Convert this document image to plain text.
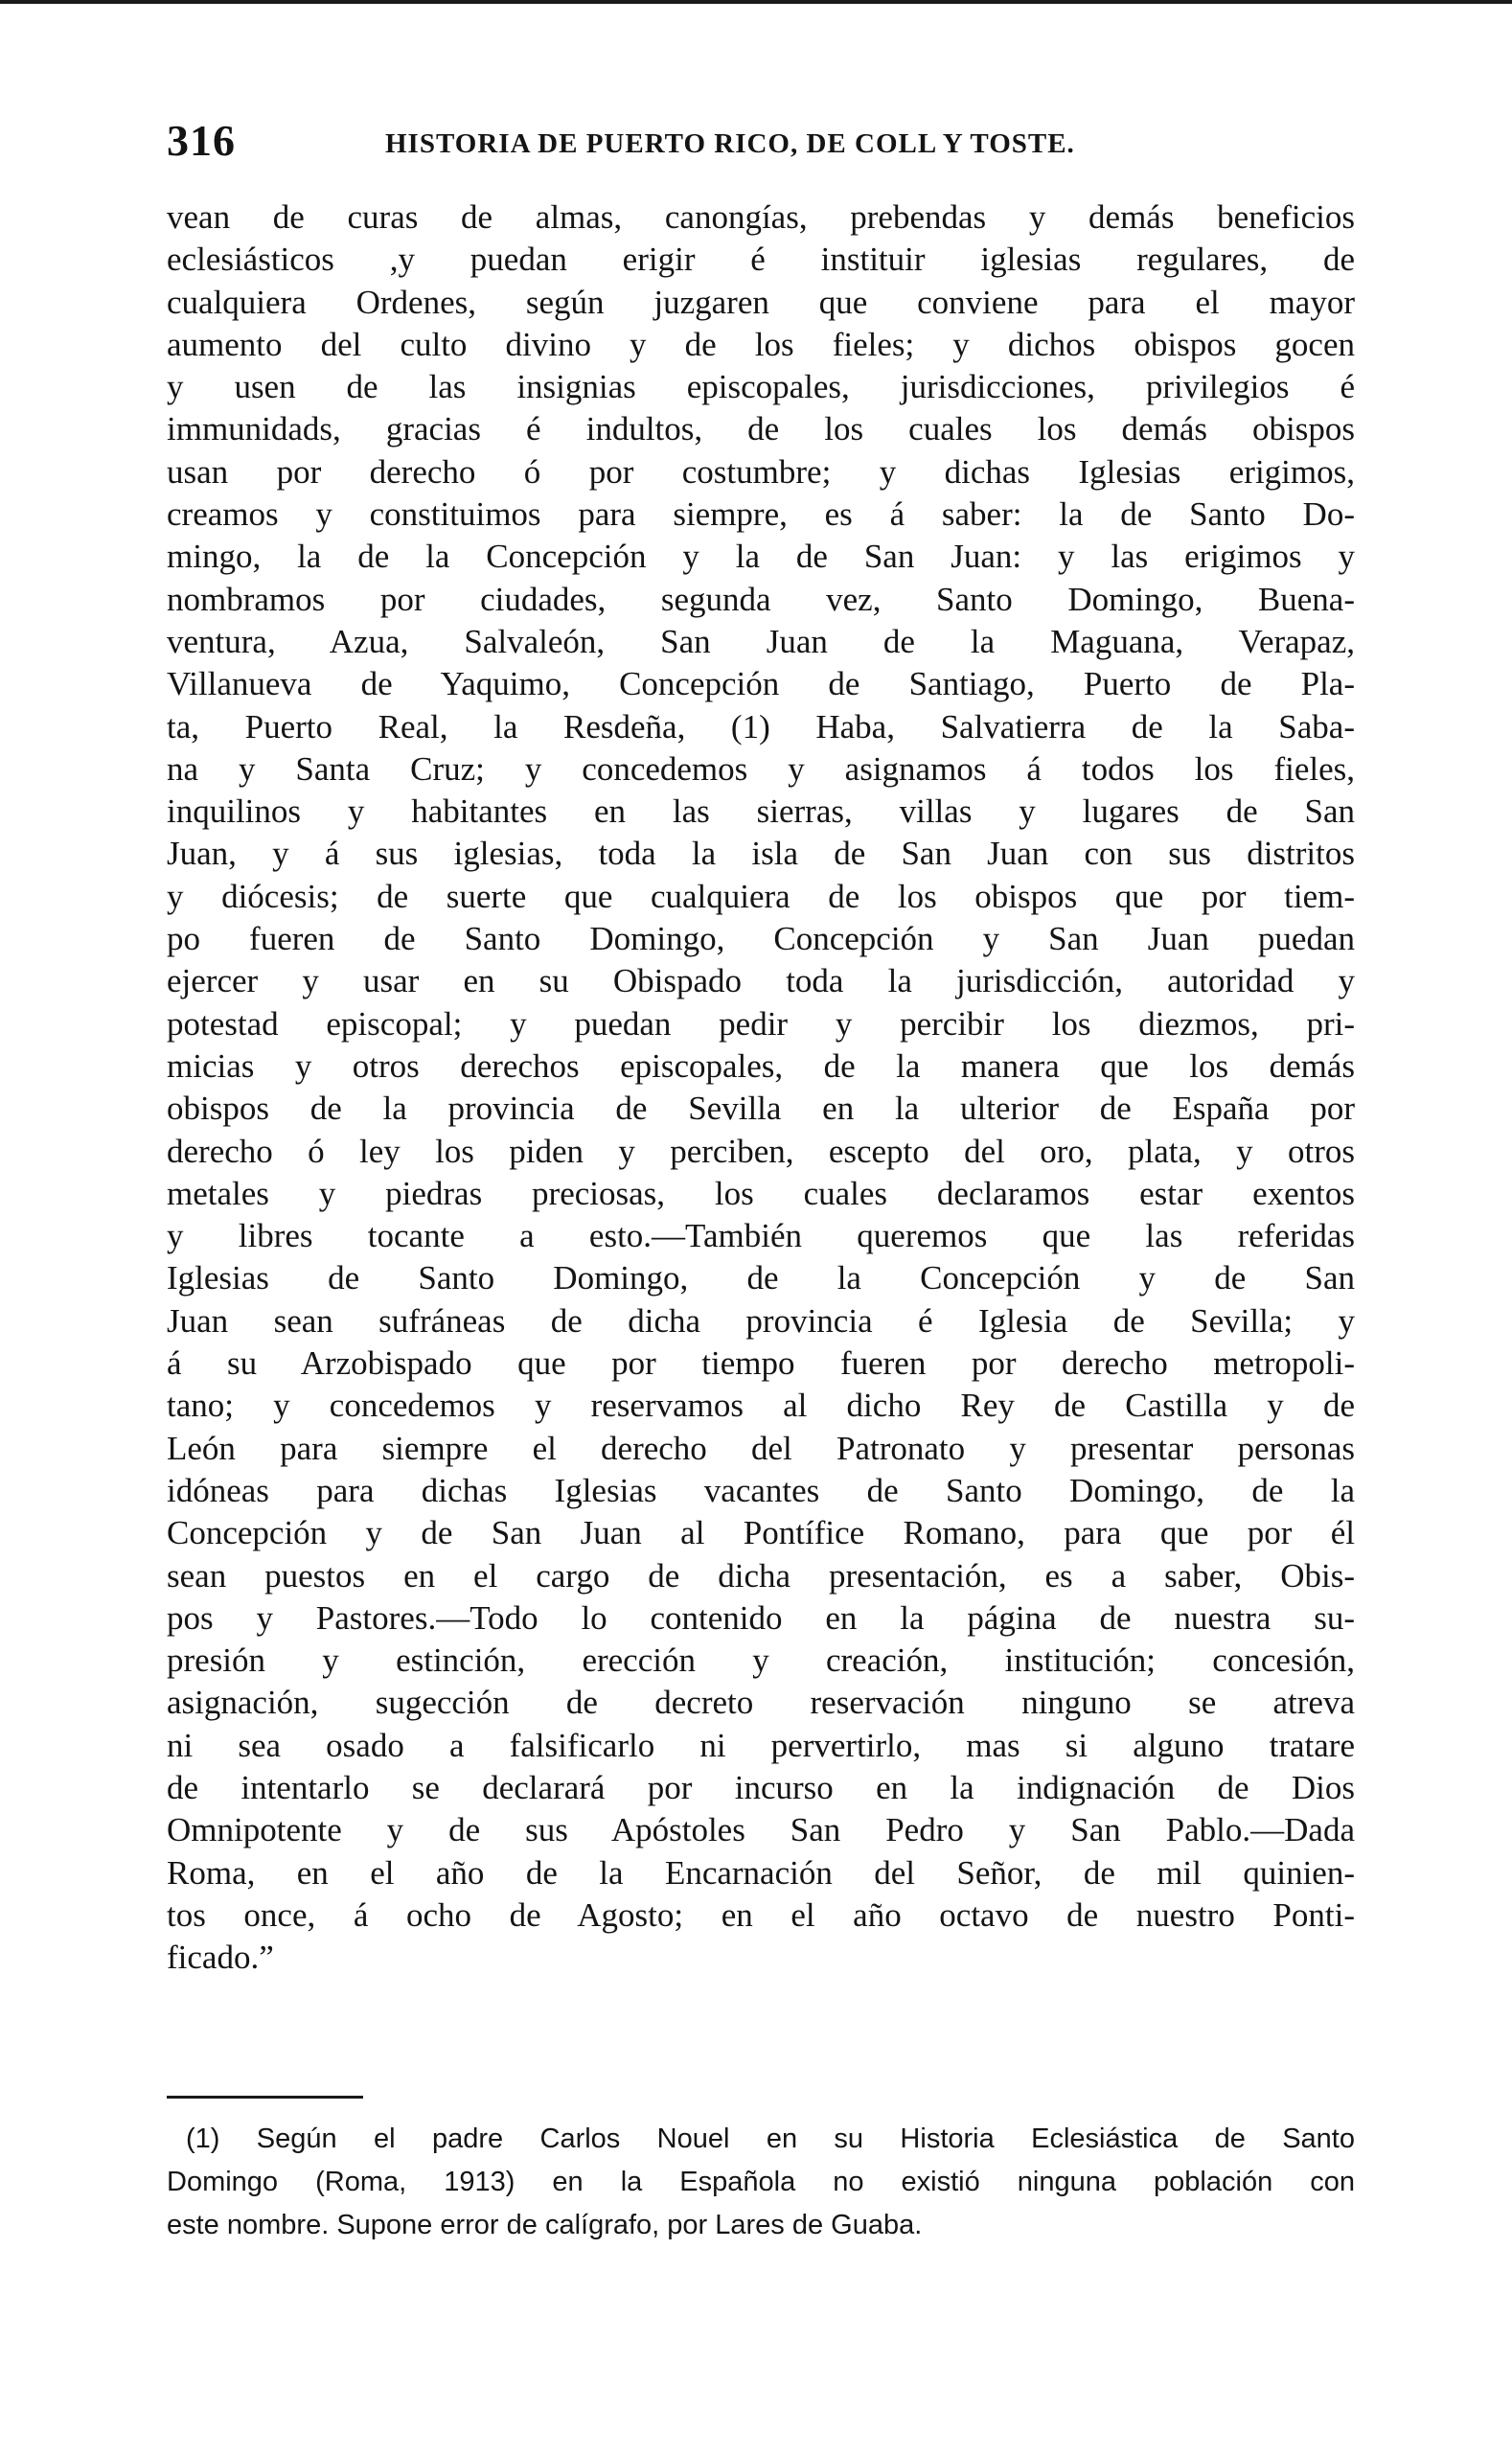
316	HISTORIA DE PUERTO RICO, DE COLL Y TOSTE.
vean de curas de almas, canongías, prebendas y demás beneficios
eclesiásticos ,y puedan erigir é instituir iglesias regulares, de
cualquiera Ordenes, según juzgaren que conviene para el mayor
aumento del culto divino y de los fieles; y dichos obispos gocen
y usen de las insignias episcopales, jurisdicciones, privilegios é
immunidads, gracias é indultos, de los cuales los demás obispos
usan por derecho ó por costumbre; y dichas Iglesias erigimos,
creamos y constituimos para siempre, es á saber: la de Santo Do-
mingo, la de la Concepción y la de San Juan: y las erigimos y
nombramos por ciudades, segunda vez, Santo Domingo, Buena-
ventura, Azua, Salvaleón, San Juan de la Maguana, Verapaz,
Villanueva de Yaquimo, Concepción de Santiago, Puerto de Pla-
ta, Puerto Real, la Resdeña, (1) Haba, Salvatierra de la Saba-
na y Santa Cruz; y concedemos y asignamos á todos los fieles,
inquilinos y habitantes en las sierras, villas y lugares de San
Juan, y á sus iglesias, toda la isla de San Juan con sus distritos
y diócesis; de suerte que cualquiera de los obispos que por tiem-
po fueren de Santo Domingo, Concepción y San Juan puedan
ejercer y usar en su Obispado toda la jurisdicción, autoridad y
potestad episcopal; y puedan pedir y percibir los diezmos, pri-
micias y otros derechos episcopales, de la manera que los demás
obispos de la provincia de Sevilla en la ulterior de España por
derecho ó ley los piden y perciben, escepto del oro, plata, y otros
metales y piedras preciosas, los cuales declaramos estar exentos
y libres tocante a esto.—También queremos que las referidas
Iglesias de Santo Domingo, de la Concepción y de San
Juan sean sufráneas de dicha provincia é Iglesia de Sevilla; y
á su Arzobispado que por tiempo fueren por derecho metropoli-
tano; y concedemos y reservamos al dicho Rey de Castilla y de
León para siempre el derecho del Patronato y presentar personas
idóneas para dichas Iglesias vacantes de Santo Domingo, de la
Concepción y de San Juan al Pontífice Romano, para que por él
sean puestos en el cargo de dicha presentación, es a saber, Obis-
pos y Pastores.—Todo lo contenido en la página de nuestra su-
presión y estinción, erección y creación, institución; concesión,
asignación, sugección de decreto reservación ninguno se atreva
ni sea osado a falsificarlo ni pervertirlo, mas si alguno tratare
de intentarlo se declarará por incurso en la indignación de Dios
Omnipotente y de sus Apóstoles San Pedro y San Pablo.—Dada
Roma, en el año de la Encarnación del Señor, de mil quinien-
tos once, á ocho de Agosto; en el año octavo de nuestro Ponti-
ficado.”
(1) Según el padre Carlos Nouel en su Historia Eclesiástica de Santo
Domingo (Roma, 1913) en la Española no existió ninguna población con
este nombre. Supone error de calígrafo, por Lares de Guaba.
